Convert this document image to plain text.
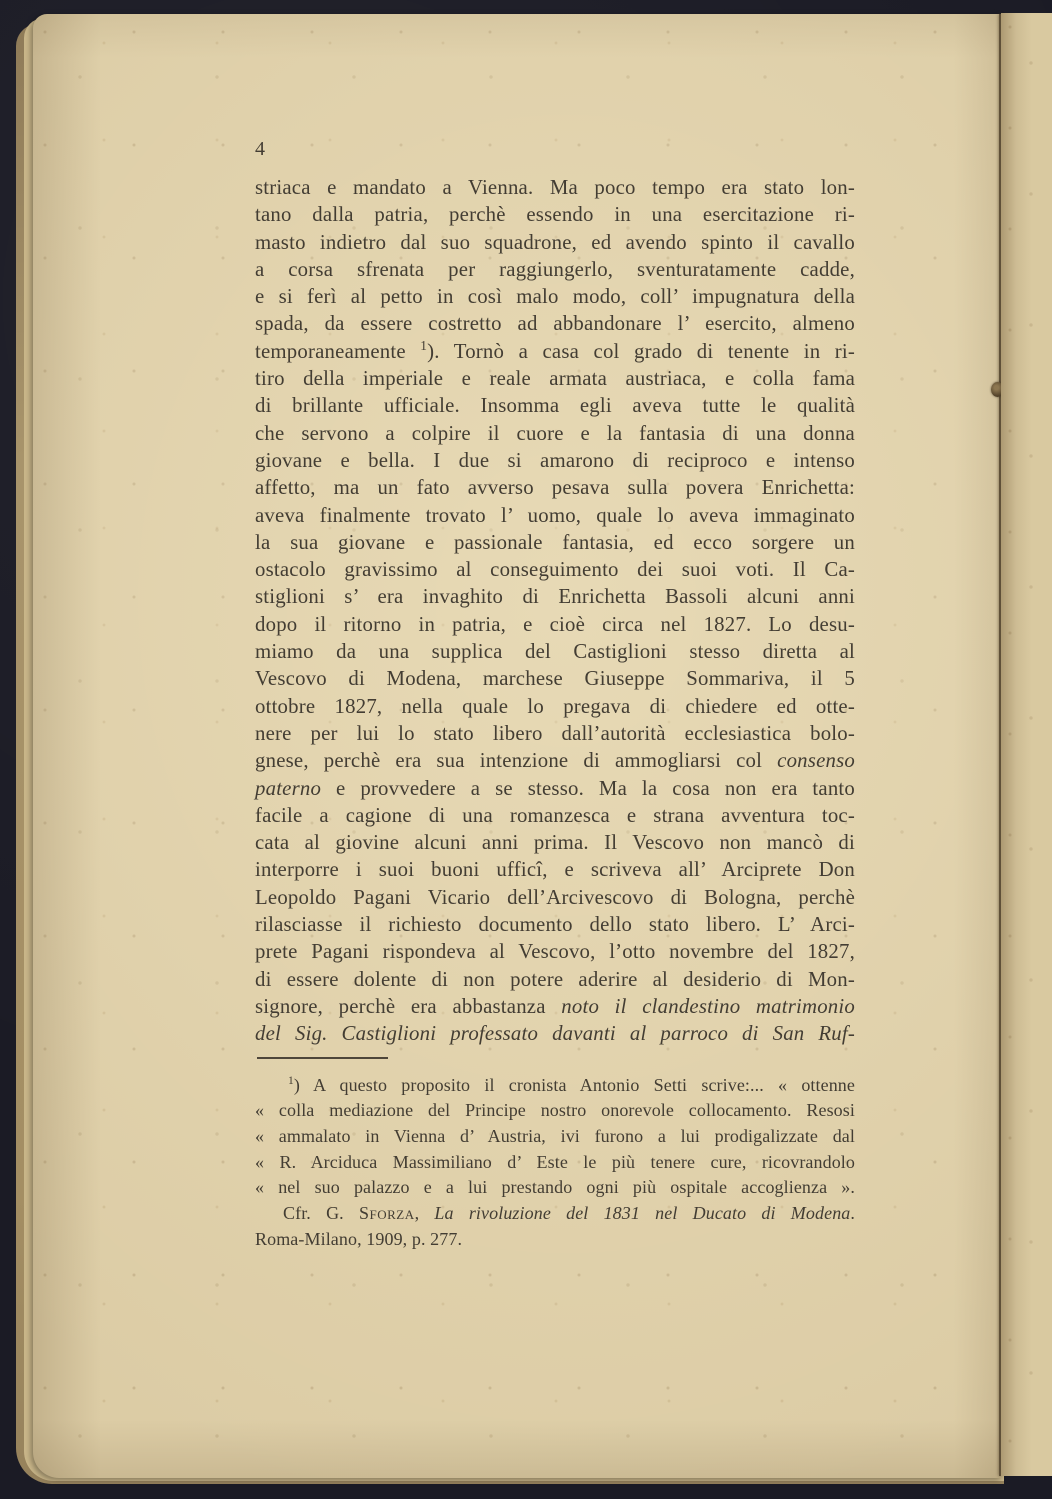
4
striaca e mandato a Vienna. Ma poco tempo era stato lon-
tano dalla patria, perchè essendo in una esercitazione ri-
masto indietro dal suo squadrone, ed avendo spinto il cavallo
a corsa sfrenata per raggiungerlo, sventuratamente cadde,
e si ferì al petto in così malo modo, coll’ impugnatura della
spada, da essere costretto ad abbandonare l’ esercito, almeno
temporaneamente $^1$). Tornò a casa col grado di tenente in ri-
tiro della imperiale e reale armata austriaca, e colla fama
di brillante ufficiale. Insomma egli aveva tutte le qualità
che servono a colpire il cuore e la fantasia di una donna
giovane e bella. I due si amarono di reciproco e intenso
affetto, ma un fato avverso pesava sulla povera Enrichetta:
aveva finalmente trovato l’ uomo, quale lo aveva immaginato
la sua giovane e passionale fantasia, ed ecco sorgere un
ostacolo gravissimo al conseguimento dei suoi voti. Il Ca-
stiglioni s’ era invaghito di Enrichetta Bassoli alcuni anni
dopo il ritorno in patria, e cioè circa nel 1827. Lo desu-
miamo da una supplica del Castiglioni stesso diretta al
Vescovo di Modena, marchese Giuseppe Sommariva, il 5
ottobre 1827, nella quale lo pregava di chiedere ed otte-
nere per lui lo stato libero dall’autorità ecclesiastica bolo-
gnese, perchè era sua intenzione di ammogliarsi col consenso
paterno e provvedere a se stesso. Ma la cosa non era tanto
facile a cagione di una romanzesca e strana avventura toc-
cata al giovine alcuni anni prima. Il Vescovo non mancò di
interporre i suoi buoni ufficî, e scriveva all’ Arciprete Don
Leopoldo Pagani Vicario dell’Arcivescovo di Bologna, perchè
rilasciasse il richiesto documento dello stato libero. L’ Arci-
prete Pagani rispondeva al Vescovo, l’otto novembre del 1827,
di essere dolente di non potere aderire al desiderio di Mon-
signore, perchè era abbastanza noto il clandestino matrimonio
del Sig. Castiglioni professato davanti al parroco di San Ruf-
$^1$) A questo proposito il cronista Antonio Setti scrive:... « ottenne
« colla mediazione del Principe nostro onorevole collocamento. Resosi
« ammalato in Vienna d’ Austria, ivi furono a lui prodigalizzate dal
« R. Arciduca Massimiliano d’ Este le più tenere cure, ricovrandolo
« nel suo palazzo e a lui prestando ogni più ospitale accoglienza ».
Cfr. G. Sforza, La rivoluzione del 1831 nel Ducato di Modena.
Roma-Milano, 1909, p. 277.
